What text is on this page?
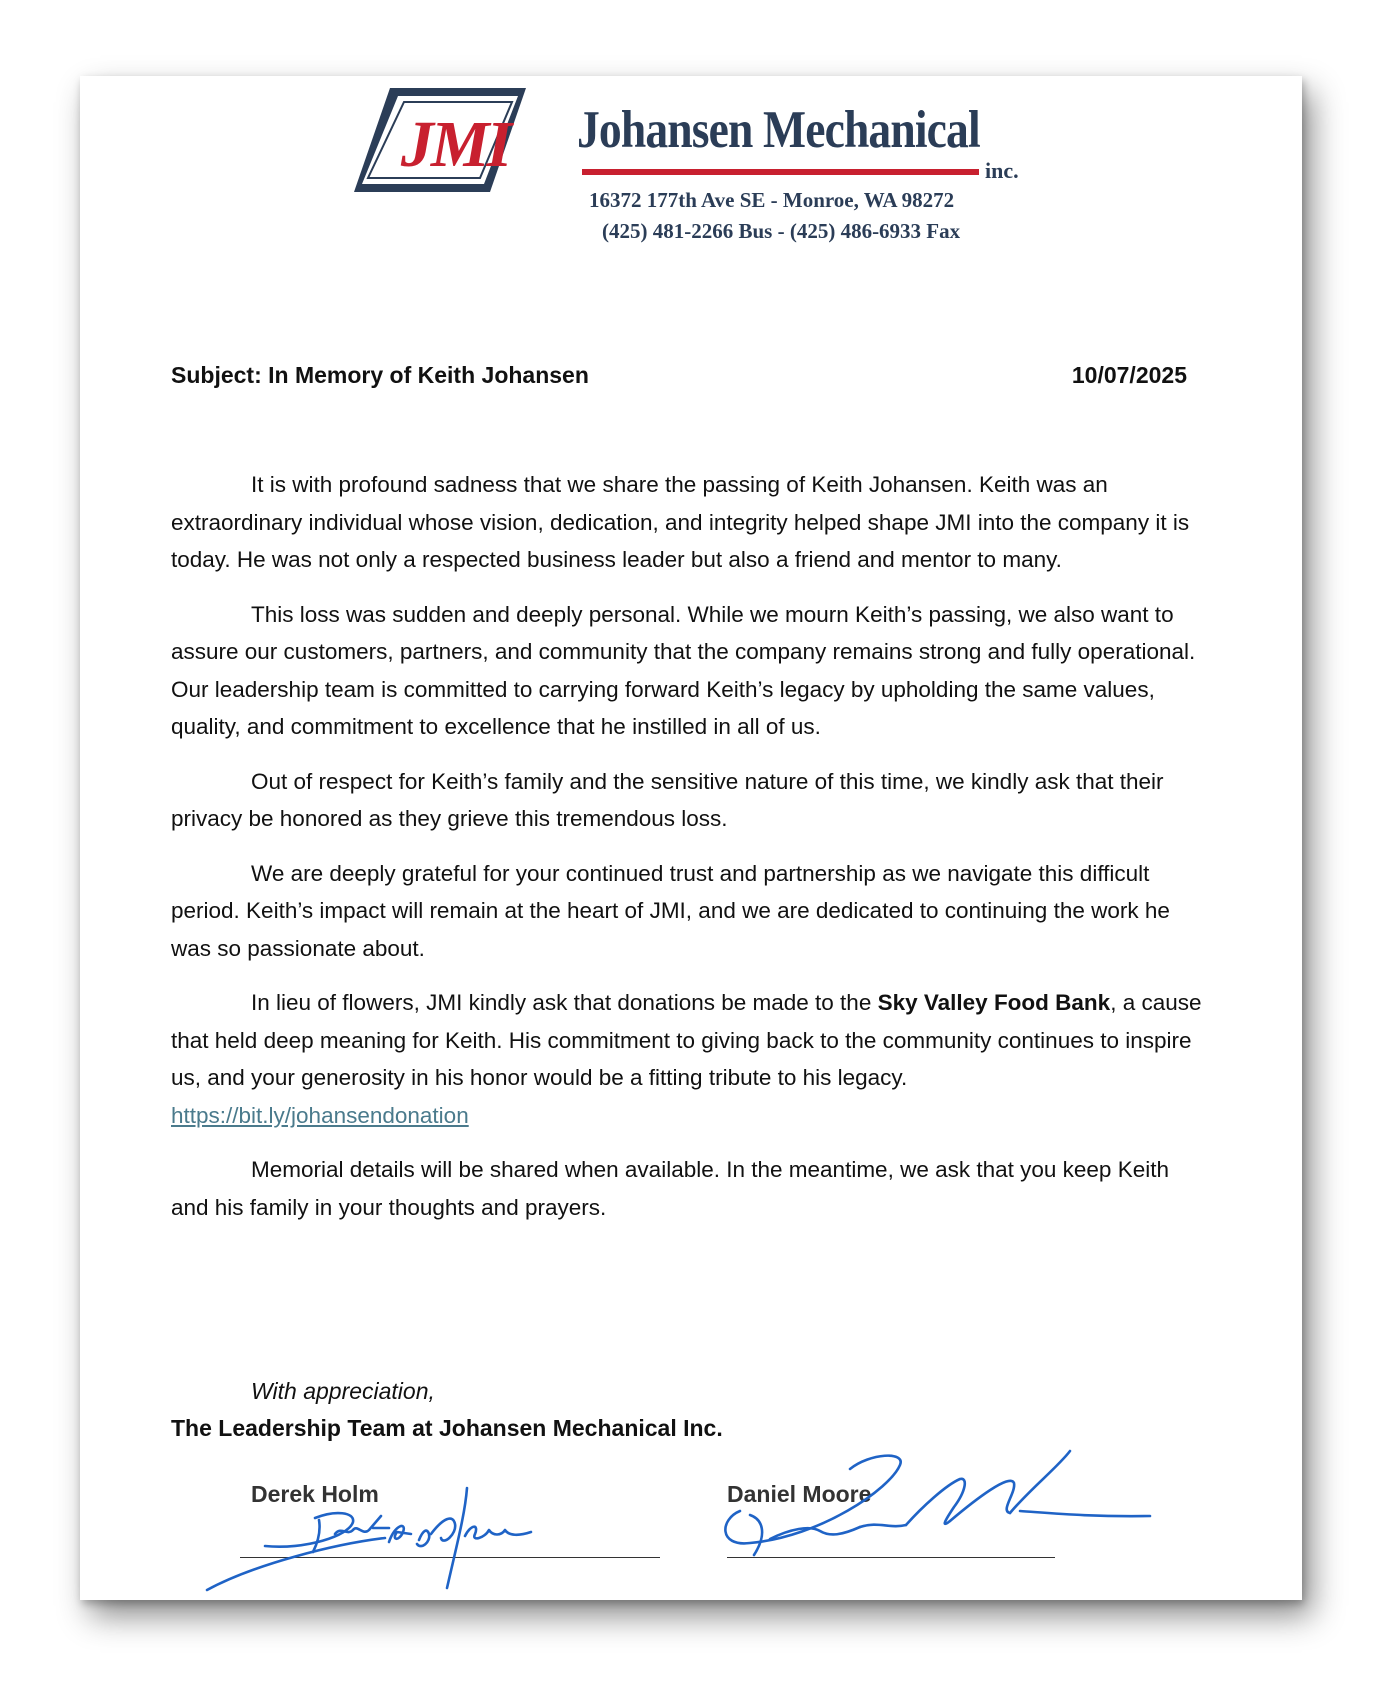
JMI	Johansen Mechanical
inc.
16372 177th Ave SE - Monroe, WA 98272
(425) 481-2266 Bus - (425) 486-6933 Fax
Subject: In Memory of Keith Johansen	10/07/2025

It is with profound sadness that we share the passing of Keith Johansen. Keith was an extraordinary individual whose vision, dedication, and integrity helped shape JMI into the company it is today. He was not only a respected business leader but also a friend and mentor to many.

This loss was sudden and deeply personal. While we mourn Keith’s passing, we also want to assure our customers, partners, and community that the company remains strong and fully operational. Our leadership team is committed to carrying forward Keith’s legacy by upholding the same values, quality, and commitment to excellence that he instilled in all of us.

Out of respect for Keith’s family and the sensitive nature of this time, we kindly ask that their privacy be honored as they grieve this tremendous loss.

We are deeply grateful for your continued trust and partnership as we navigate this difficult period. Keith’s impact will remain at the heart of JMI, and we are dedicated to continuing the work he was so passionate about.

In lieu of flowers, JMI kindly ask that donations be made to the Sky Valley Food Bank, a cause that held deep meaning for Keith. His commitment to giving back to the community continues to inspire us, and your generosity in his honor would be a fitting tribute to his legacy. https://bit.ly/johansendonation

Memorial details will be shared when available. In the meantime, we ask that you keep Keith and his family in your thoughts and prayers.

With appreciation,
The Leadership Team at Johansen Mechanical Inc.
Derek Holm	Daniel Moore
